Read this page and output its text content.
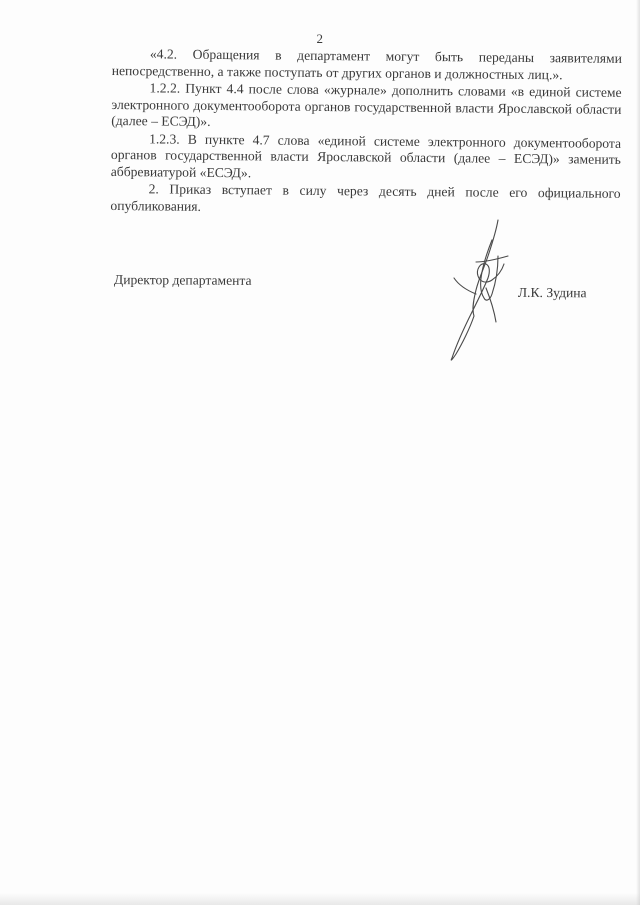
2

«4.2. Обращения в департамент могут быть переданы заявителями непосредственно, а также поступать от других органов и должностных лиц.».

1.2.2. Пункт 4.4 после слова «журнале» дополнить словами «в единой системе электронного документооборота органов государственной власти Ярославской области (далее – ЕСЭД)».

1.2.3. В пункте 4.7 слова «единой системе электронного документооборота органов государственной власти Ярославской области (далее – ЕСЭД)» заменить аббревиатурой «ЕСЭД».

2. Приказ вступает в силу через десять дней после его официального опубликования.

Директор департамента
Л.К. Зудина
